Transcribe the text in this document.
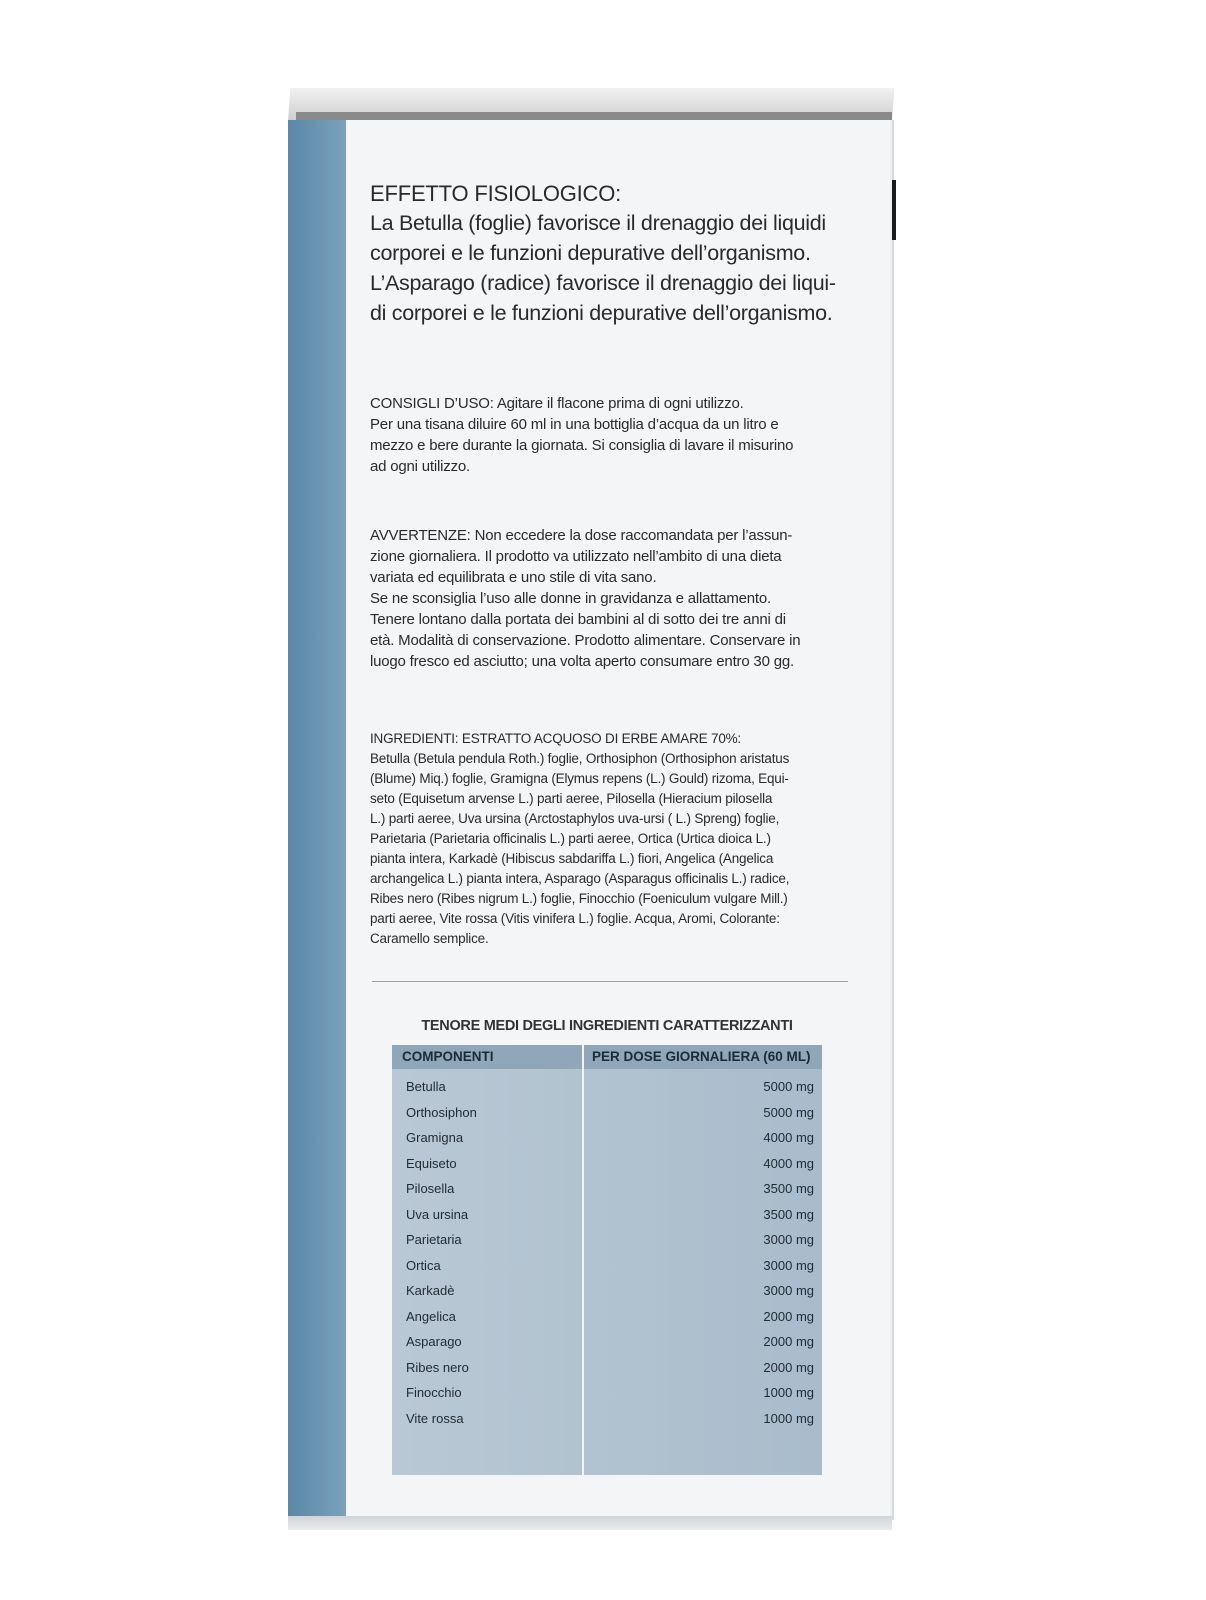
EFFETTO FISIOLOGICO:
La Betulla (foglie) favorisce il drenaggio dei liquidi
corporei e le funzioni depurative dell’organismo.
L’Asparago (radice) favorisce il drenaggio dei liqui-
di corporei e le funzioni depurative dell’organismo.
CONSIGLI D’USO: Agitare il flacone prima di ogni utilizzo.
Per una tisana diluire 60 ml in una bottiglia d’acqua da un litro e
mezzo e bere durante la giornata. Si consiglia di lavare il misurino
ad ogni utilizzo.
AVVERTENZE: Non eccedere la dose raccomandata per l’assun-
zione giornaliera. Il prodotto va utilizzato nell’ambito di una dieta
variata ed equilibrata e uno stile di vita sano.
Se ne sconsiglia l’uso alle donne in gravidanza e allattamento.
Tenere lontano dalla portata dei bambini al di sotto dei tre anni di
età. Modalità di conservazione. Prodotto alimentare. Conservare in
luogo fresco ed asciutto; una volta aperto consumare entro 30 gg.
INGREDIENTI: ESTRATTO ACQUOSO DI ERBE AMARE 70%:
Betulla (Betula pendula Roth.) foglie, Orthosiphon (Orthosiphon aristatus
(Blume) Miq.) foglie, Gramigna (Elymus repens (L.) Gould) rizoma, Equi-
seto (Equisetum arvense L.) parti aeree, Pilosella (Hieracium pilosella
L.) parti aeree, Uva ursina (Arctostaphylos uva-ursi ( L.) Spreng) foglie,
Parietaria (Parietaria officinalis L.) parti aeree, Ortica (Urtica dioica L.)
pianta intera, Karkadè (Hibiscus sabdariffa L.) fiori, Angelica (Angelica
archangelica L.) pianta intera, Asparago (Asparagus officinalis L.) radice,
Ribes nero (Ribes nigrum L.) foglie, Finocchio (Foeniculum vulgare Mill.)
parti aeree, Vite rossa (Vitis vinifera L.) foglie. Acqua, Aromi, Colorante:
Caramello semplice.
TENORE MEDI DEGLI INGREDIENTI CARATTERIZZANTI
COMPONENTI	PER DOSE GIORNALIERA (60 ML)
Betulla	5000 mg
Orthosiphon	5000 mg
Gramigna	4000 mg
Equiseto	4000 mg
Pilosella	3500 mg
Uva ursina	3500 mg
Parietaria	3000 mg
Ortica	3000 mg
Karkadè	3000 mg
Angelica	2000 mg
Asparago	2000 mg
Ribes nero	2000 mg
Finocchio	1000 mg
Vite rossa	1000 mg
